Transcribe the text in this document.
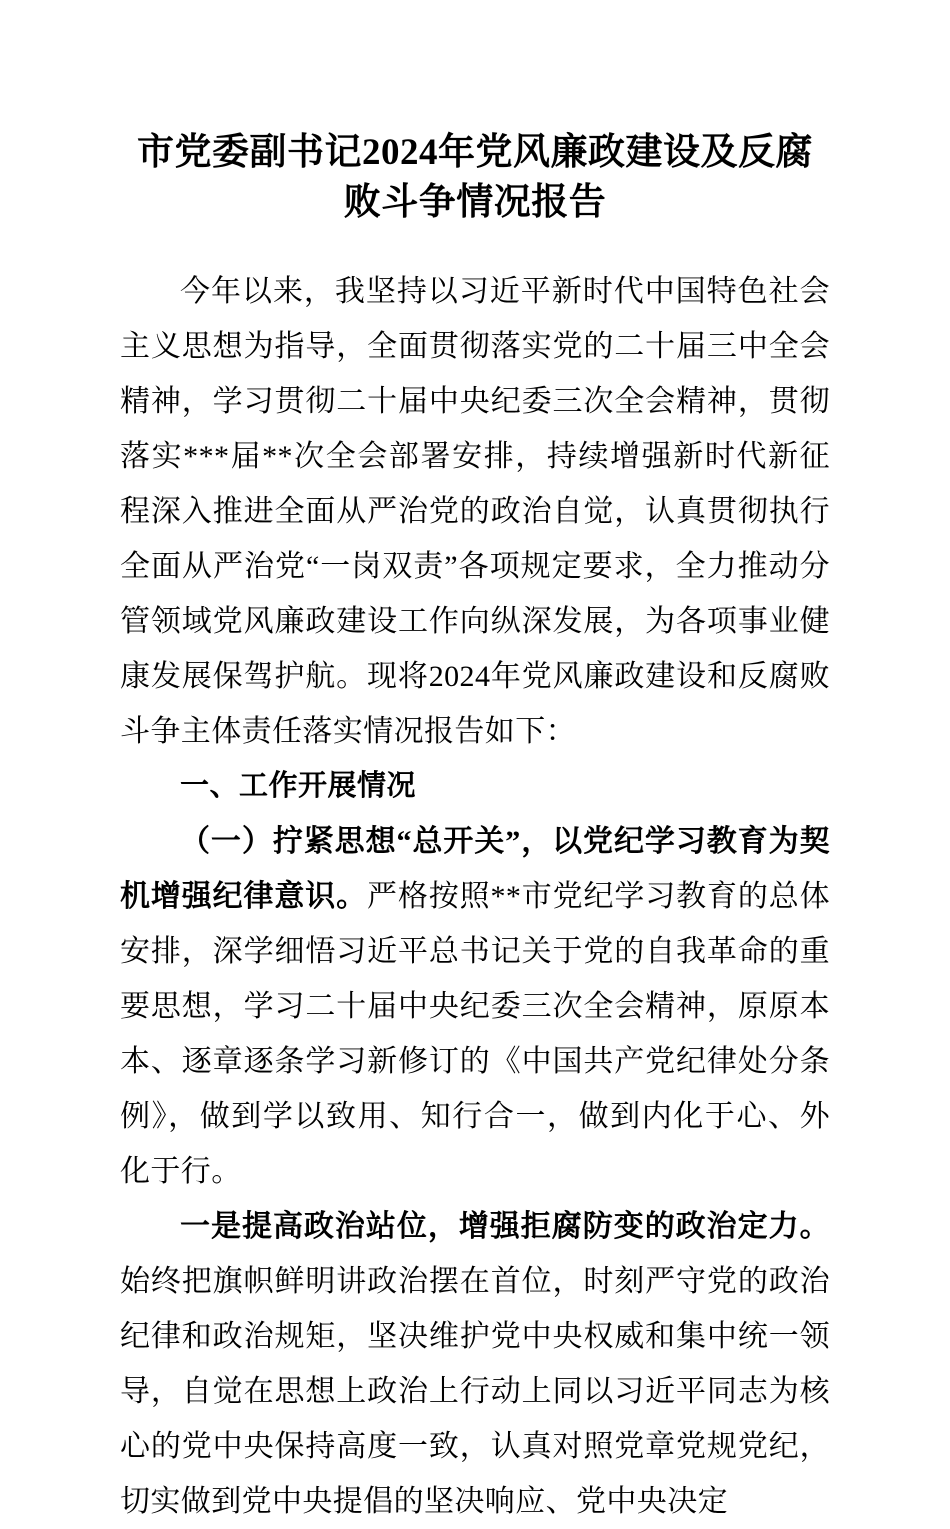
市党委副书记2024年党风廉政建设及反腐败斗争情况报告

今年以来，我坚持以习近平新时代中国特色社会主义思想为指导，全面贯彻落实党的二十届三中全会精神，学习贯彻二十届中央纪委三次全会精神，贯彻落实***届**次全会部署安排，持续增强新时代新征程深入推进全面从严治党的政治自觉，认真贯彻执行全面从严治党“一岗双责”各项规定要求，全力推动分管领域党风廉政建设工作向纵深发展，为各项事业健康发展保驾护航。现将2024年党风廉政建设和反腐败斗争主体责任落实情况报告如下：

一、工作开展情况

（一）拧紧思想“总开关”，以党纪学习教育为契机增强纪律意识。严格按照**市党纪学习教育的总体安排，深学细悟习近平总书记关于党的自我革命的重要思想，学习二十届中央纪委三次全会精神，原原本本、逐章逐条学习新修订的《中国共产党纪律处分条例》，做到学以致用、知行合一，做到内化于心、外化于行。

一是提高政治站位，增强拒腐防变的政治定力。始终把旗帜鲜明讲政治摆在首位，时刻严守党的政治纪律和政治规矩，坚决维护党中央权威和集中统一领导，自觉在思想上政治上行动上同以习近平同志为核心的党中央保持高度一致，认真对照党章党规党纪，切实做到党中央提倡的坚决响应、党中央决定
